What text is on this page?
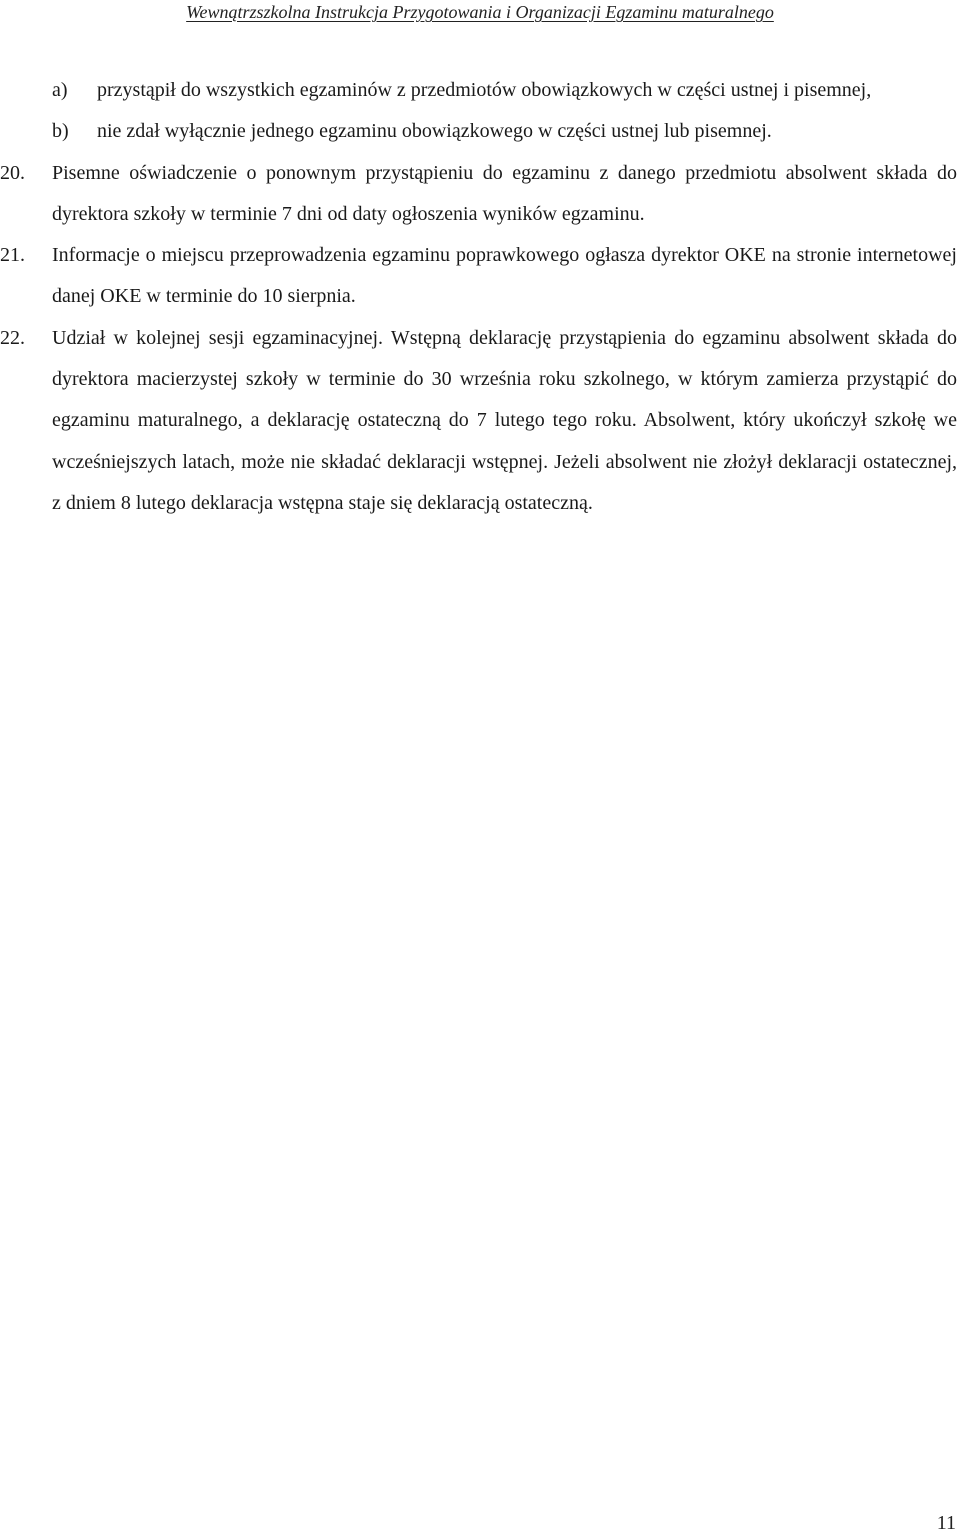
Wewnątrzszkolna Instrukcja Przygotowania i Organizacji Egzaminu maturalnego
a)	przystąpił do wszystkich egzaminów z przedmiotów obowiązkowych w części ustnej i pisemnej,
b)	nie zdał wyłącznie jednego egzaminu obowiązkowego w części ustnej lub pisemnej.
20. Pisemne oświadczenie o ponownym przystąpieniu do egzaminu z danego przedmiotu absolwent składa do dyrektora szkoły w terminie 7 dni od daty ogłoszenia wyników egzaminu.
21. Informacje o miejscu przeprowadzenia egzaminu poprawkowego ogłasza dyrektor OKE na stronie internetowej danej OKE w terminie do 10 sierpnia.
22. Udział w kolejnej sesji egzaminacyjnej. Wstępną deklarację przystąpienia do egzaminu absolwent składa do dyrektora macierzystej szkoły w terminie do 30 września roku szkolnego, w którym zamierza przystąpić do egzaminu maturalnego, a deklarację ostateczną do 7 lutego tego roku. Absolwent, który ukończył szkołę we wcześniejszych latach, może nie składać deklaracji wstępnej. Jeżeli absolwent nie złożył deklaracji ostatecznej, z dniem 8 lutego deklaracja wstępna staje się deklaracją ostateczną.
11
